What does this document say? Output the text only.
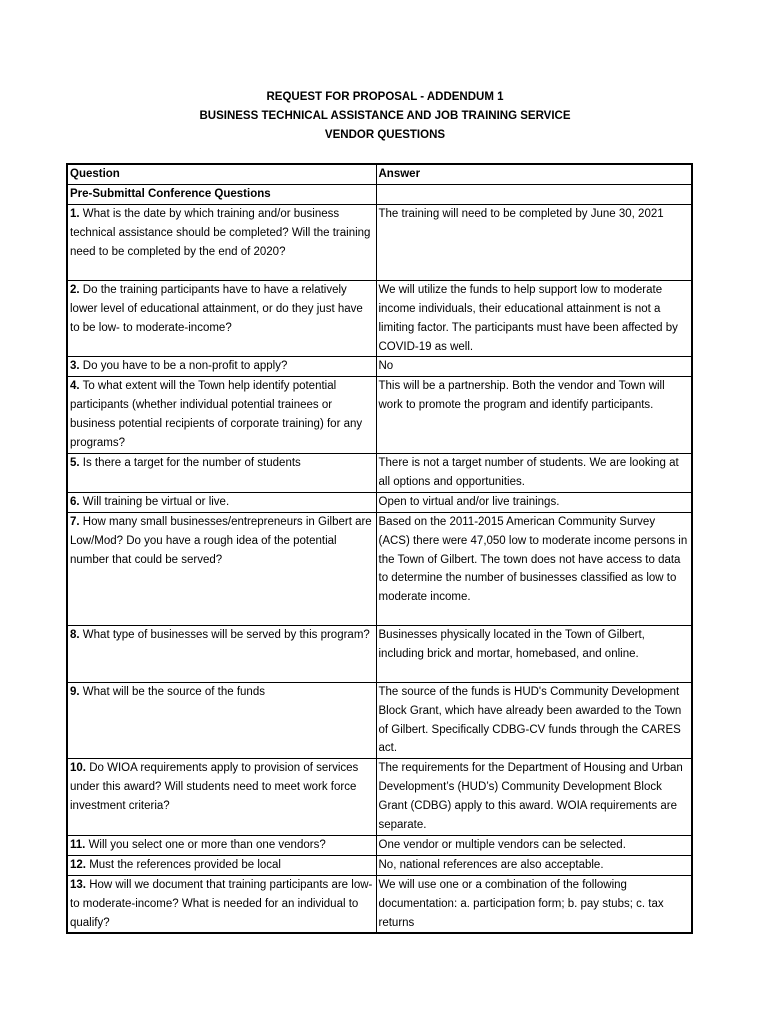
REQUEST FOR PROPOSAL - ADDENDUM 1
BUSINESS TECHNICAL ASSISTANCE AND JOB TRAINING SERVICE
VENDOR QUESTIONS
Question	Answer
Pre-Submittal Conference Questions	
1. What is the date by which training and/or business technical assistance should be completed? Will the training need to be completed by the end of 2020?	The training will need to be completed by June 30, 2021
2. Do the training participants have to have a relatively lower level of educational attainment, or do they just have to be low- to moderate-income?	We will utilize the funds to help support low to moderate income individuals, their educational attainment is not a limiting factor. The participants must have been affected by COVID-19 as well.
3. Do you have to be a non-profit to apply?	No
4. To what extent will the Town help identify potential participants (whether individual potential trainees or business potential recipients of corporate training) for any programs?	This will be a partnership. Both the vendor and Town will work to promote the program and identify participants.
5. Is there a target for the number of students	There is not a target number of students. We are looking at all options and opportunities.
6. Will training be virtual or live.	Open to virtual and/or live trainings.
7. How many small businesses/entrepreneurs in Gilbert are Low/Mod? Do you have a rough idea of the potential number that could be served?	Based on the 2011-2015 American Community Survey (ACS) there were 47,050 low to moderate income persons in the Town of Gilbert. The town does not have access to data to determine the number of businesses classified as low to moderate income.
8. What type of businesses will be served by this program?	Businesses physically located in the Town of Gilbert, including brick and mortar, homebased, and online.
9. What will be the source of the funds	The source of the funds is HUD's Community Development Block Grant, which have already been awarded to the Town of Gilbert. Specifically CDBG-CV funds through the CARES act.
10. Do WIOA requirements apply to provision of services under this award? Will students need to meet work force investment criteria?	The requirements for the Department of Housing and Urban Development’s (HUD’s) Community Development Block Grant (CDBG) apply to this award. WOIA requirements are separate.
11. Will you select one or more than one vendors?	One vendor or multiple vendors can be selected.
12. Must the references provided be local	No, national references are also acceptable.
13. How will we document that training participants are low- to moderate-income? What is needed for an individual to qualify?	We will use one or a combination of the following documentation: a. participation form; b. pay stubs; c. tax returns
